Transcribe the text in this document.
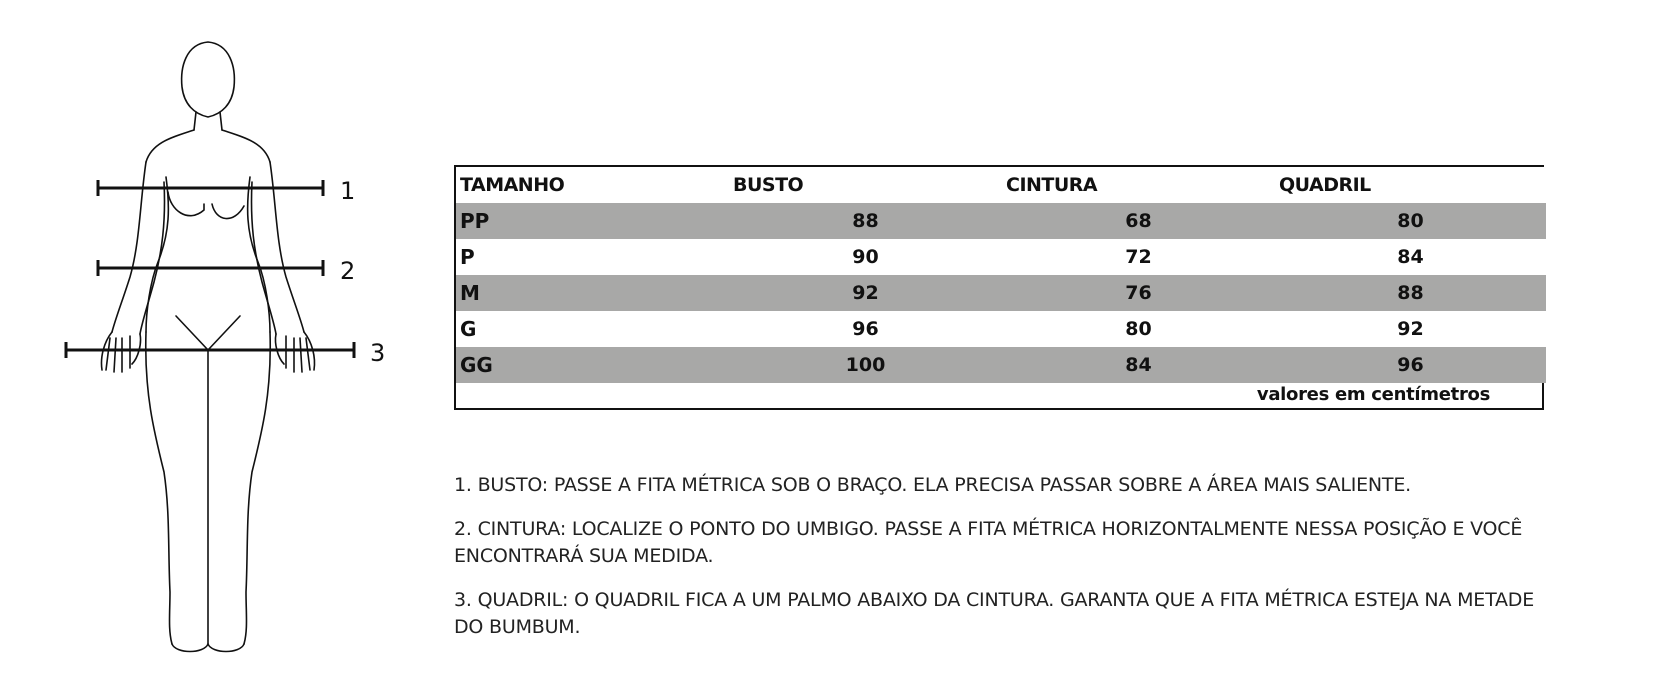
1
2
3
TAMANHO	BUSTO	CINTURA	QUADRIL
PP	88	68	80
P	90	72	84
M	92	76	88
G	96	80	92
GG	100	84	96
valores em centímetros

1. BUSTO: PASSE A FITA MÉTRICA SOB O BRAÇO. ELA PRECISA PASSAR SOBRE A ÁREA MAIS SALIENTE.

2. CINTURA: LOCALIZE O PONTO DO UMBIGO. PASSE A FITA MÉTRICA HORIZONTALMENTE NESSA POSIÇÃO E VOCÊ ENCONTRARÁ SUA MEDIDA.

3. QUADRIL: O QUADRIL FICA A UM PALMO ABAIXO DA CINTURA. GARANTA QUE A FITA MÉTRICA ESTEJA NA METADE DO BUMBUM.
